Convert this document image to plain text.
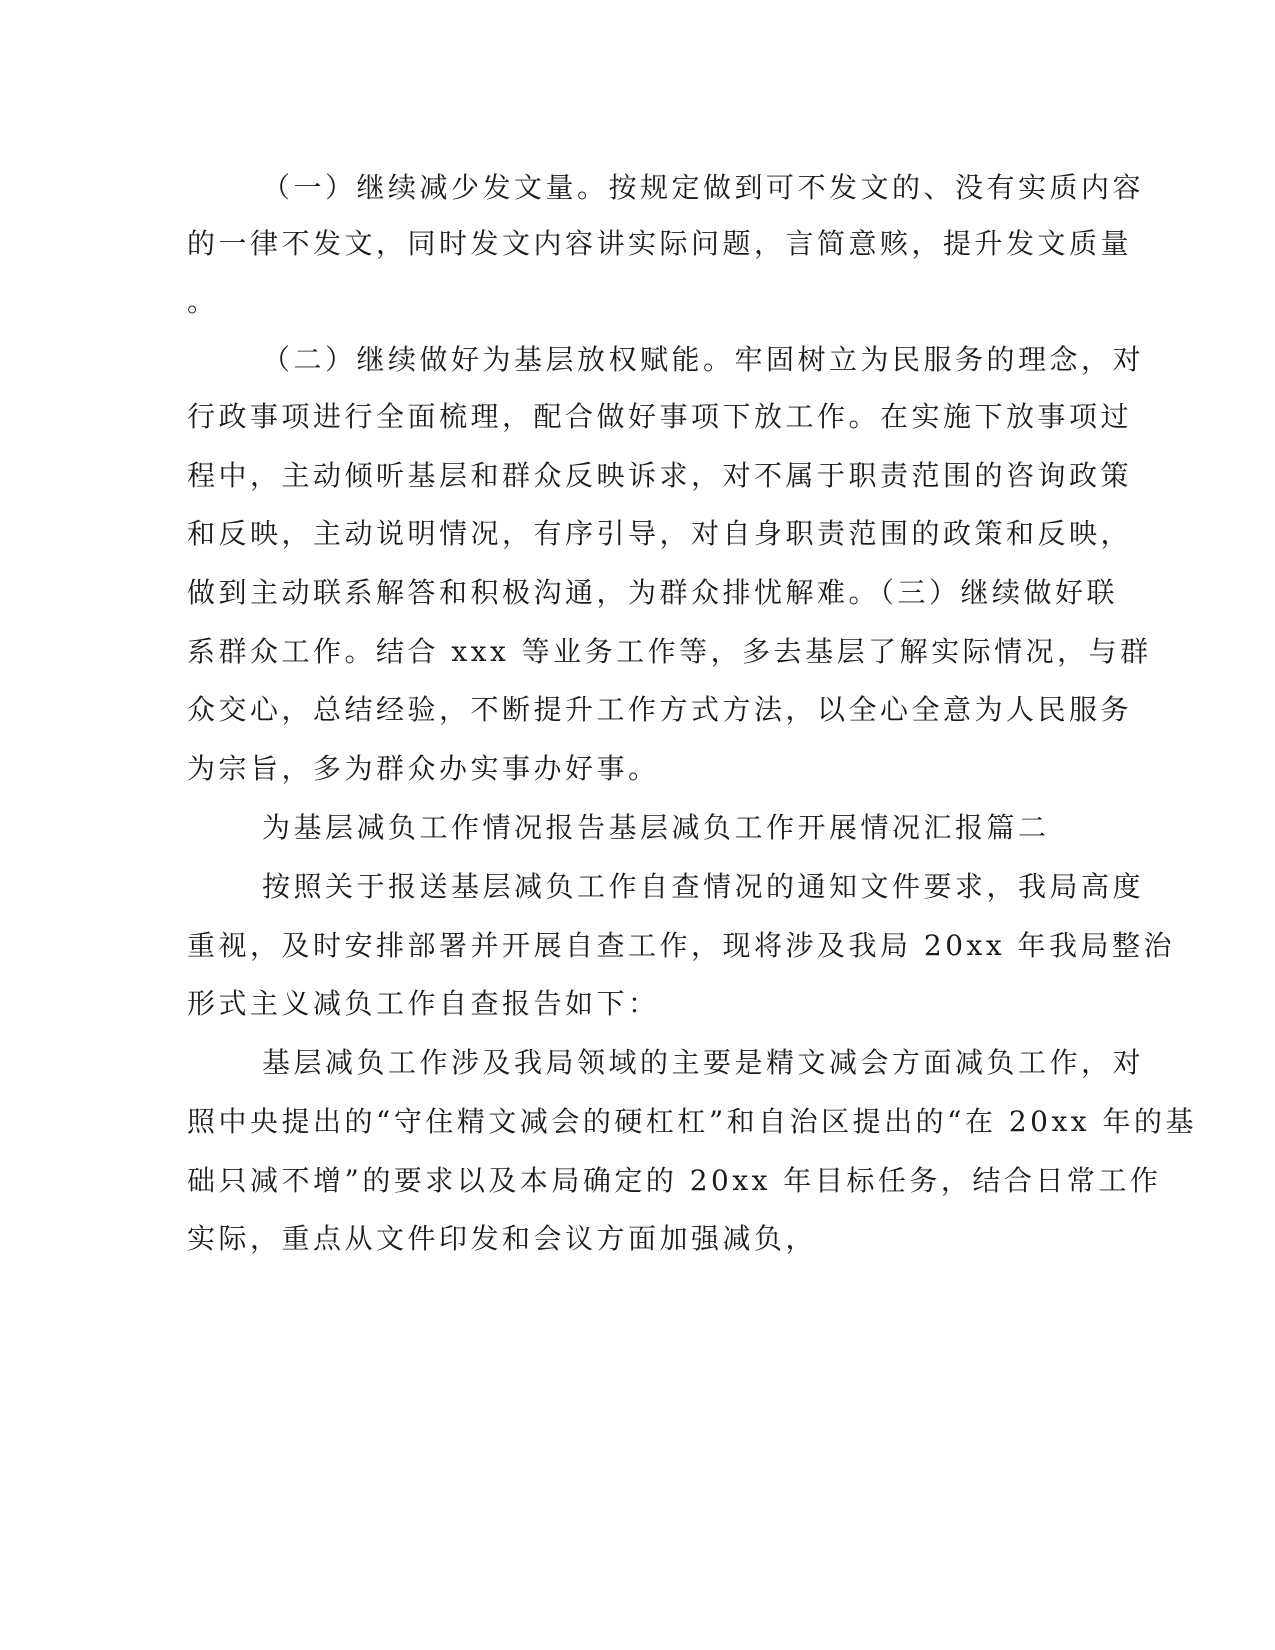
（一）继续减少发文量。按规定做到可不发文的、没有实质内容

的一律不发文，同时发文内容讲实际问题，言简意赅，提升发文质量

。

（二）继续做好为基层放权赋能。牢固树立为民服务的理念，对

行政事项进行全面梳理，配合做好事项下放工作。在实施下放事项过

程中，主动倾听基层和群众反映诉求，对不属于职责范围的咨询政策

和反映，主动说明情况，有序引导，对自身职责范围的政策和反映，

做到主动联系解答和积极沟通，为群众排忧解难。（三）继续做好联

系群众工作。结合 xxx 等业务工作等，多去基层了解实际情况，与群

众交心，总结经验，不断提升工作方式方法，以全心全意为人民服务

为宗旨，多为群众办实事办好事。

为基层减负工作情况报告基层减负工作开展情况汇报篇二

按照关于报送基层减负工作自查情况的通知文件要求，我局高度

重视，及时安排部署并开展自查工作，现将涉及我局 20xx 年我局整治

形式主义减负工作自查报告如下：

基层减负工作涉及我局领域的主要是精文减会方面减负工作，对

照中央提出的“守住精文减会的硬杠杠”和自治区提出的“在 20xx 年的基

础只减不增”的要求以及本局确定的 20xx 年目标任务，结合日常工作

实际，重点从文件印发和会议方面加强减负，
